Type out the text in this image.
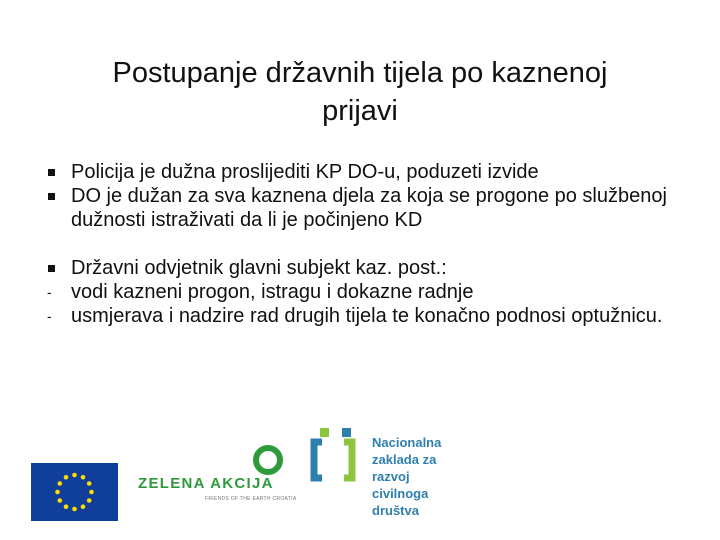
Postupanje državnih tijela po kaznenoj
prijavi
Policija je dužna proslijediti KP DO-u, poduzeti izvide
DO je dužan za sva kaznena djela za koja se progone po službenoj dužnosti istraživati da li je počinjeno KD
Državni odvjetnik glavni subjekt kaz. post.:
- vodi kazneni progon, istragu i dokazne radnje
- usmjerava i nadzire rad drugih tijela te konačno podnosi optužnicu.
ZELENA AKCIJA
FRIENDS OF THE EARTH CROATIA
Nacionalna
zaklada za
razvoj
civilnoga
društva
